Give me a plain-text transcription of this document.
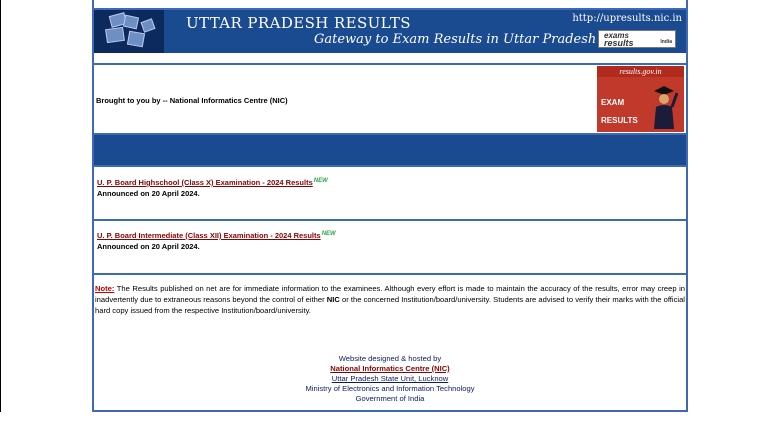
UTTAR PRADESH RESULTS
Gateway to Exam Results in Uttar Pradesh
http://upresults.nic.in
exams
results	India
Brought to you by -- National Informatics Centre (NIC)
results.gov.in
EXAM
RESULTS
U. P. Board Highschool (Class X) Examination - 2024 Results$^{NEW}$
Announced on 20 April 2024.
U. P. Board Intermediate (Class XII) Examination - 2024 Results$^{NEW}$
Announced on 20 April 2024.
Note: The Results published on net are for immediate information to the examinees. Although every effort is made to maintain the accuracy of the results, error may creep in inadvertently due to extraneous reasons beyond the control of either NIC or the concerned Institution/board/university. Students are advised to verify their marks with the official hard copy issued from the respective Institution/board/university.
Website designed & hosted by
National Informatics Centre (NIC)
Uttar Pradesh State Unit, Lucknow
Ministry of Electronics and Information Technology
Government of India
